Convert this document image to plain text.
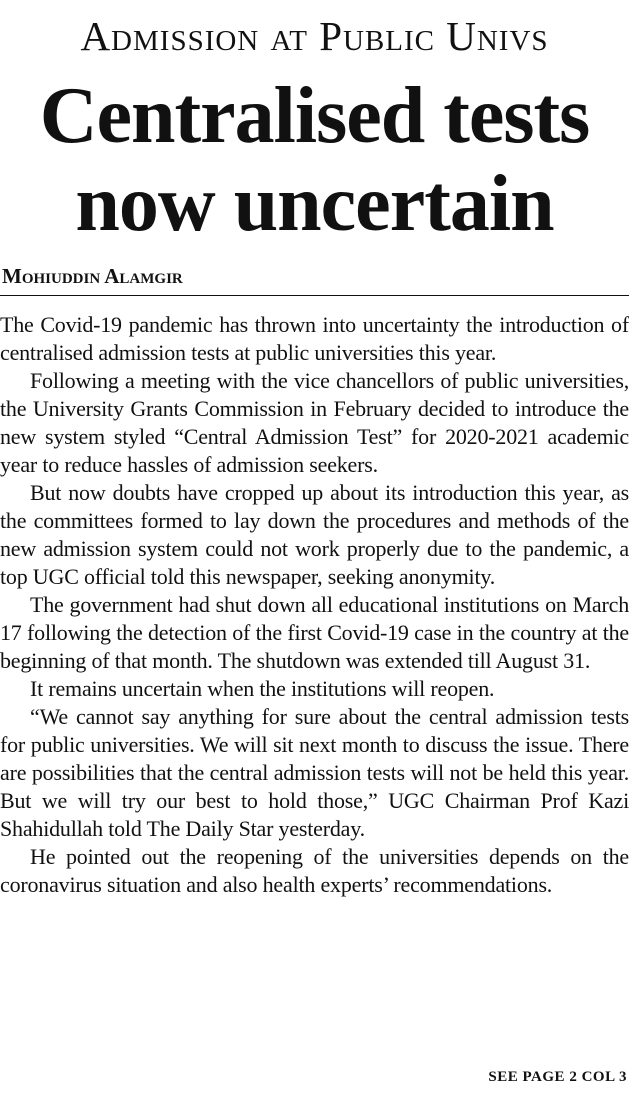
Admission at Public Univs
Centralised tests
now uncertain
Mohiuddin Alamgir

The Covid-19 pandemic has thrown into uncertainty the introduction of centralised admission tests at public universities this year.

Following a meeting with the vice chancellors of public universities, the University Grants Commission in February decided to introduce the new system styled “Central Admission Test” for 2020-2021 academic year to reduce hassles of admission seekers.

But now doubts have cropped up about its introduction this year, as the committees formed to lay down the procedures and methods of the new admission system could not work properly due to the pandemic, a top UGC official told this newspaper, seeking anonymity.

The government had shut down all educational institutions on March 17 following the detection of the first Covid-19 case in the country at the beginning of that month. The shutdown was extended till August 31.

It remains uncertain when the institutions will reopen.

“We cannot say anything for sure about the central admission tests for public universities. We will sit next month to discuss the issue. There are possibilities that the central admission tests will not be held this year. But we will try our best to hold those,” UGC Chairman Prof Kazi Shahidullah told The Daily Star yesterday.

He pointed out the reopening of the universities depends on the coronavirus situation and also health experts’ recommendations.

SEE PAGE 2 COL 3
